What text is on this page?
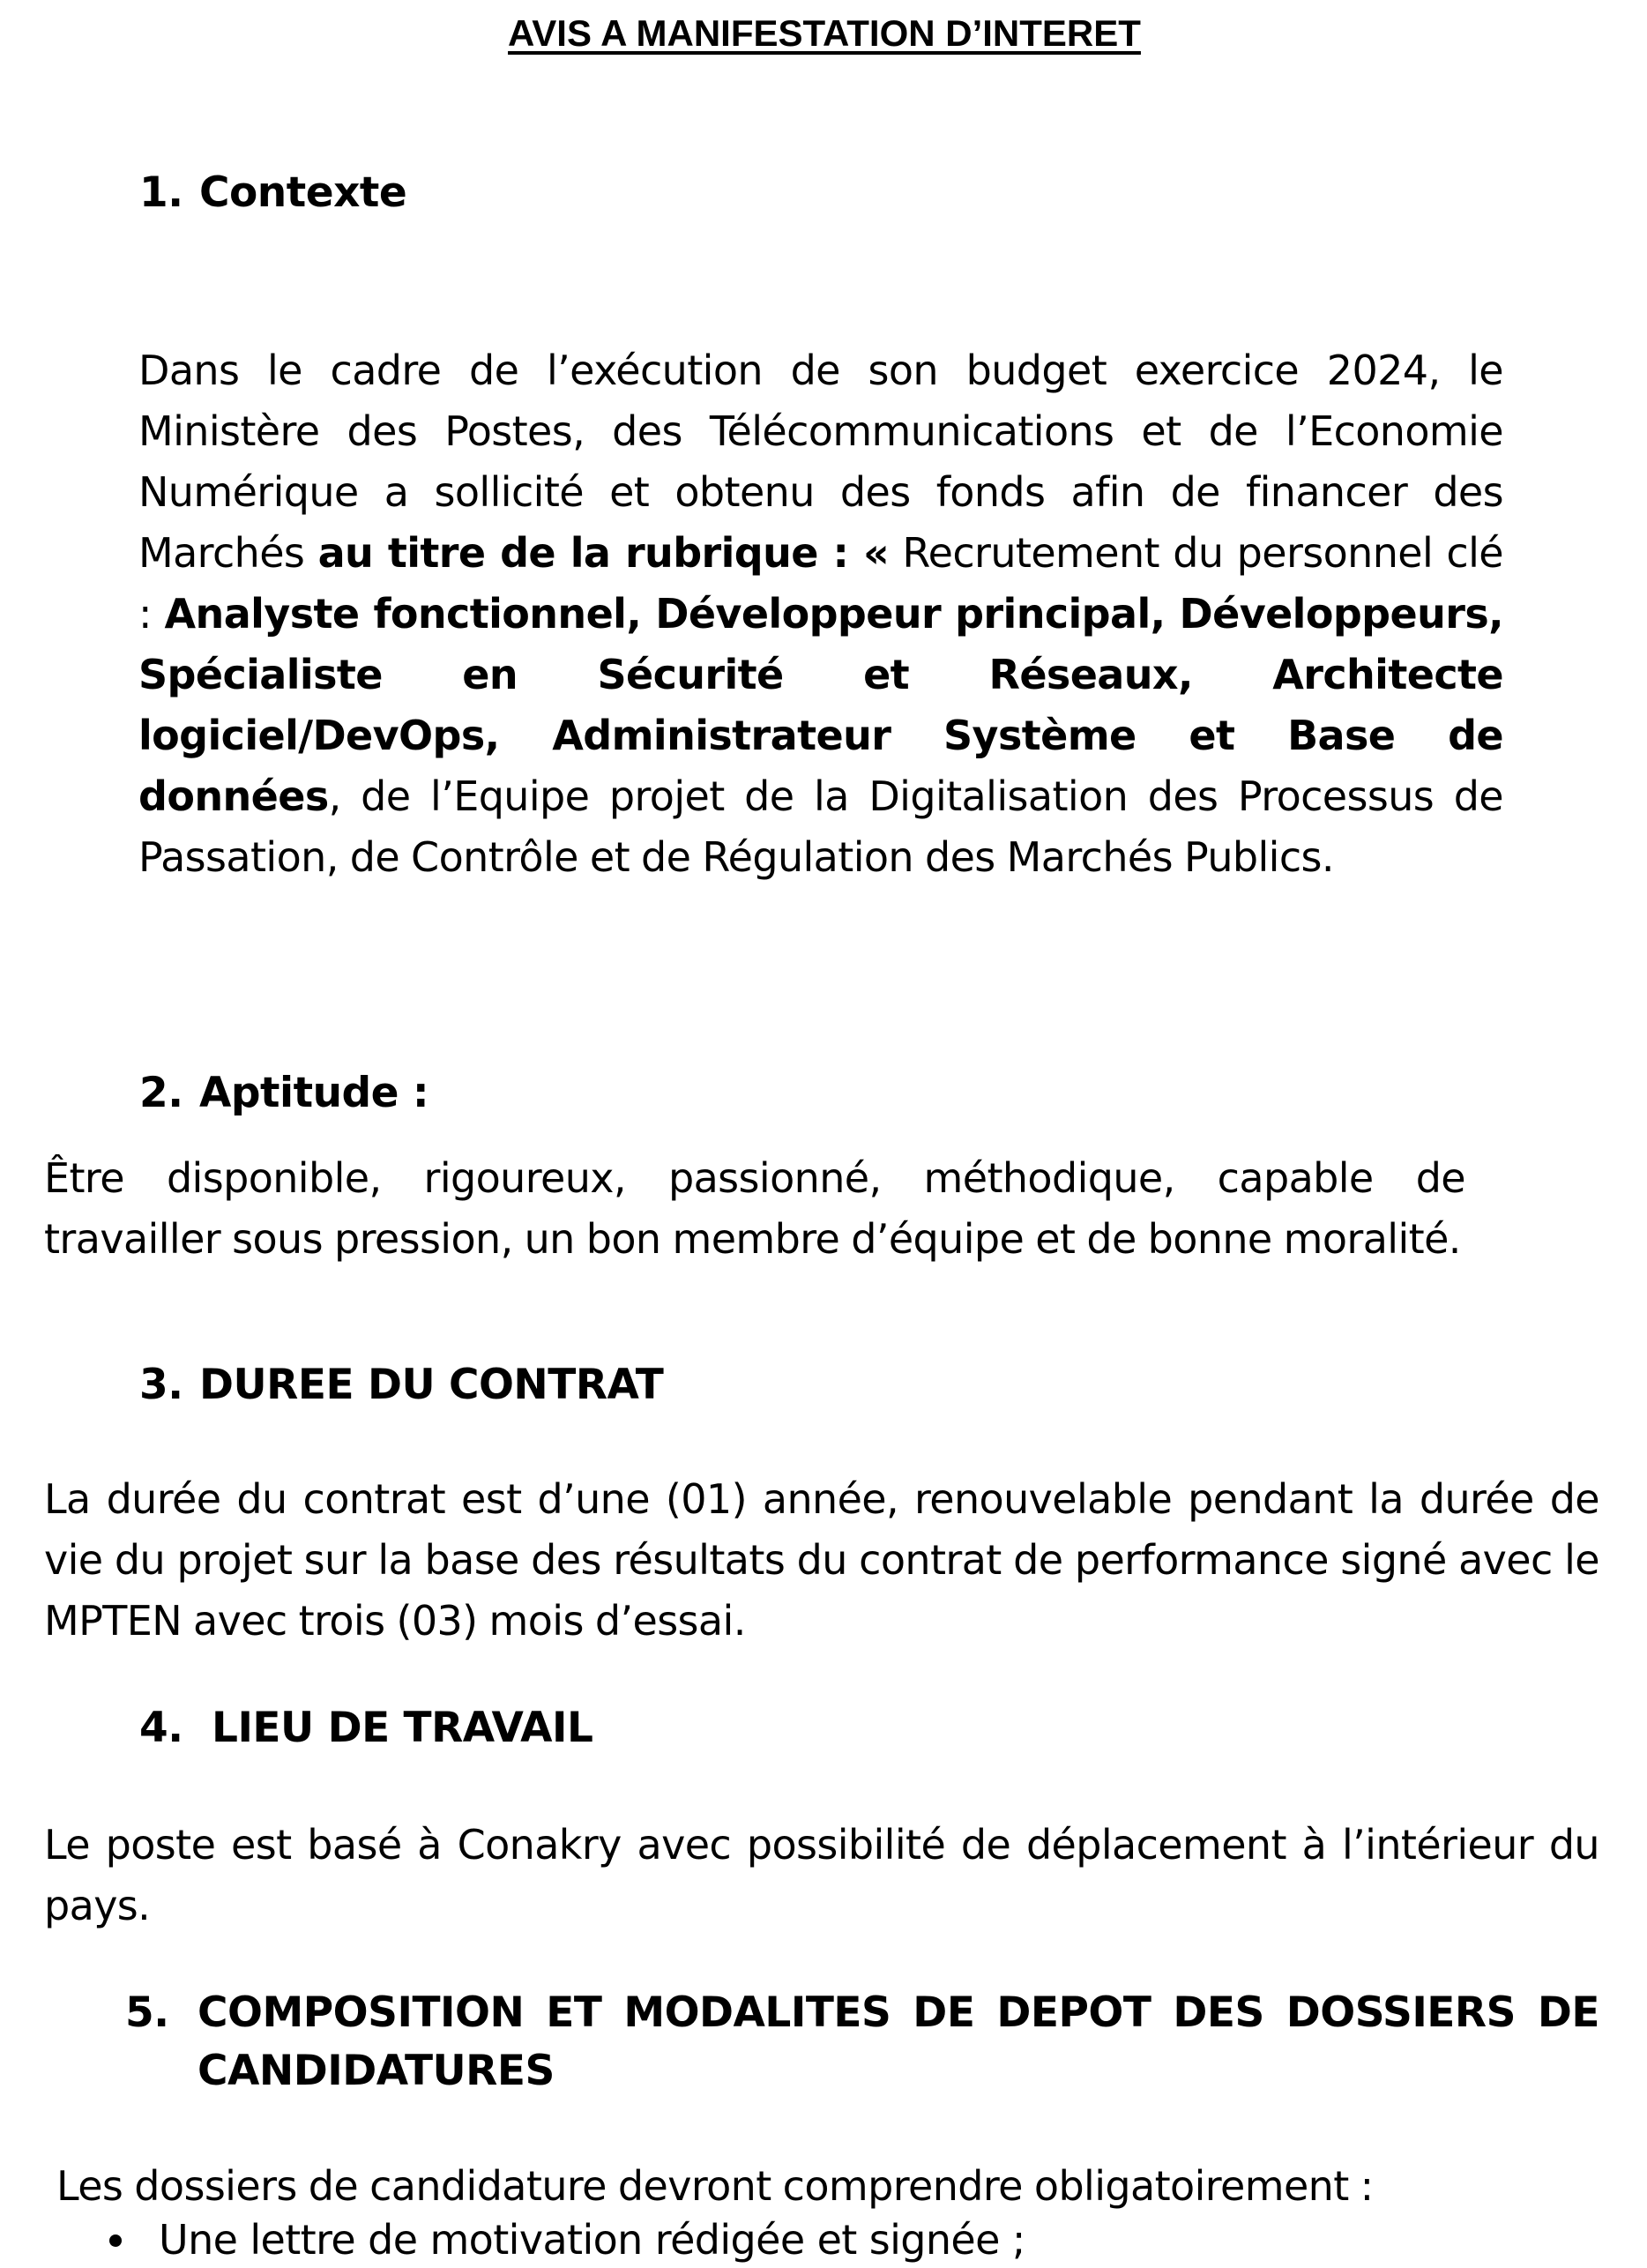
AVIS A MANIFESTATION D’INTERET
1. Contexte
Dans le cadre de l’exécution de son budget exercice 2024, le Ministère des Postes, des Télécommunications et de l’Economie Numérique a sollicité et obtenu des fonds afin de financer des Marchés au titre de la rubrique : « Recrutement du personnel clé : Analyste fonctionnel, Développeur principal, Développeurs, Spécialiste en Sécurité et Réseaux, Architecte logiciel/DevOps, Administrateur Système et Base de données, de l’Equipe projet de la Digitalisation des Processus de Passation, de Contrôle et de Régulation des Marchés Publics.
2. Aptitude :
Être disponible, rigoureux, passionné, méthodique, capable de travailler sous pression, un bon membre d’équipe et de bonne moralité.
3. DUREE DU CONTRAT
La durée du contrat est d’une (01) année, renouvelable pendant la durée de vie du projet sur la base des résultats du contrat de performance signé avec le MPTEN avec trois (03) mois d’essai.
4. LIEU DE TRAVAIL
Le poste est basé à Conakry avec possibilité de déplacement à l’intérieur du pays.
5. COMPOSITION ET MODALITES DE DEPOT DES DOSSIERS DE CANDIDATURES
Les dossiers de candidature devront comprendre obligatoirement :
Une lettre de motivation rédigée et signée ;
